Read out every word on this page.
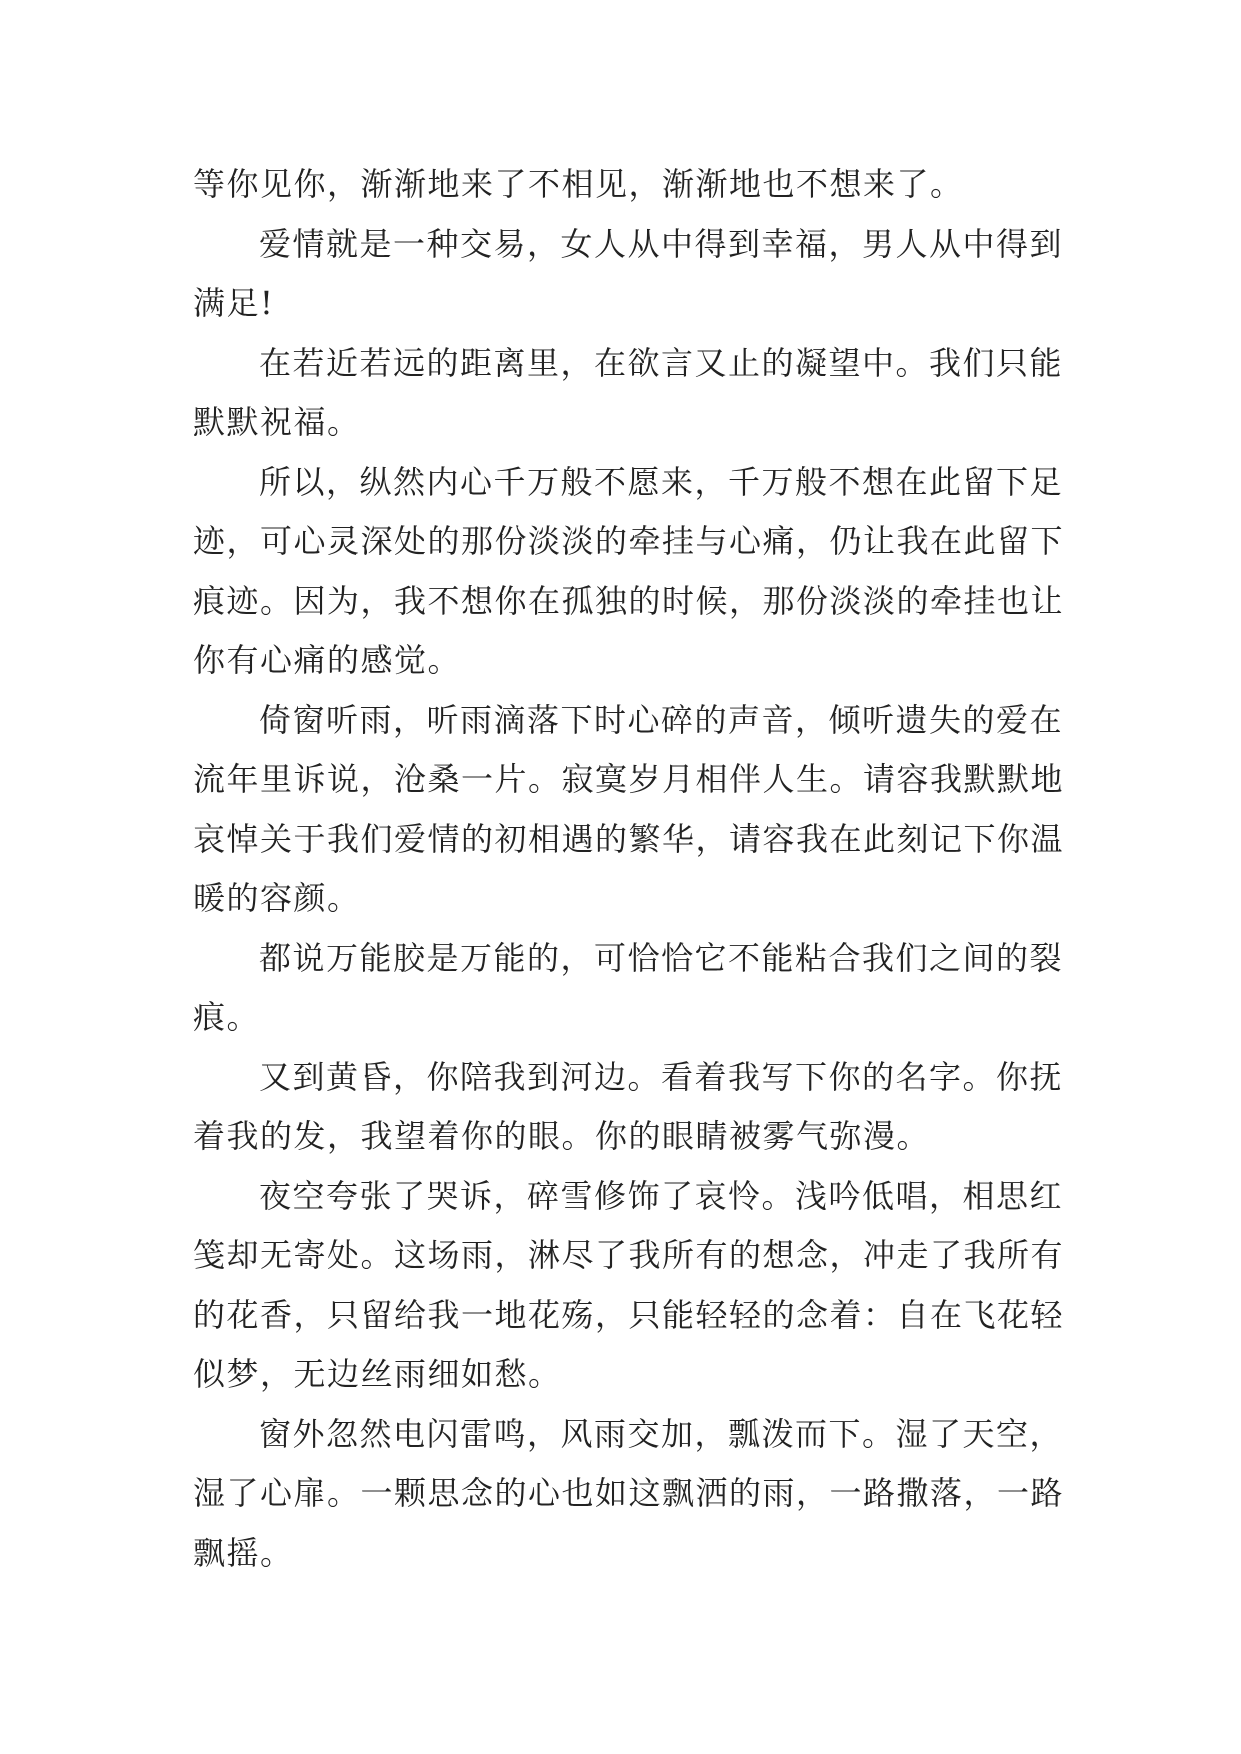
等你见你，渐渐地来了不相见，渐渐地也不想来了。
爱情就是一种交易，女人从中得到幸福，男人从中得到
满足!
在若近若远的距离里，在欲言又止的凝望中。我们只能
默默祝福。
所以，纵然内心千万般不愿来，千万般不想在此留下足
迹，可心灵深处的那份淡淡的牵挂与心痛，仍让我在此留下
痕迹。因为，我不想你在孤独的时候，那份淡淡的牵挂也让
你有心痛的感觉。
倚窗听雨，听雨滴落下时心碎的声音，倾听遗失的爱在
流年里诉说，沧桑一片。寂寞岁月相伴人生。请容我默默地
哀悼关于我们爱情的初相遇的繁华，请容我在此刻记下你温
暖的容颜。
都说万能胶是万能的，可恰恰它不能粘合我们之间的裂
痕。
又到黄昏，你陪我到河边。看着我写下你的名字。你抚
着我的发，我望着你的眼。你的眼睛被雾气弥漫。
夜空夸张了哭诉，碎雪修饰了哀怜。浅吟低唱，相思红
笺却无寄处。这场雨，淋尽了我所有的想念，冲走了我所有
的花香，只留给我一地花殇，只能轻轻的念着：自在飞花轻
似梦，无边丝雨细如愁。
窗外忽然电闪雷鸣，风雨交加，瓢泼而下。湿了天空，
湿了心扉。一颗思念的心也如这飘洒的雨，一路撒落，一路
飘摇。
